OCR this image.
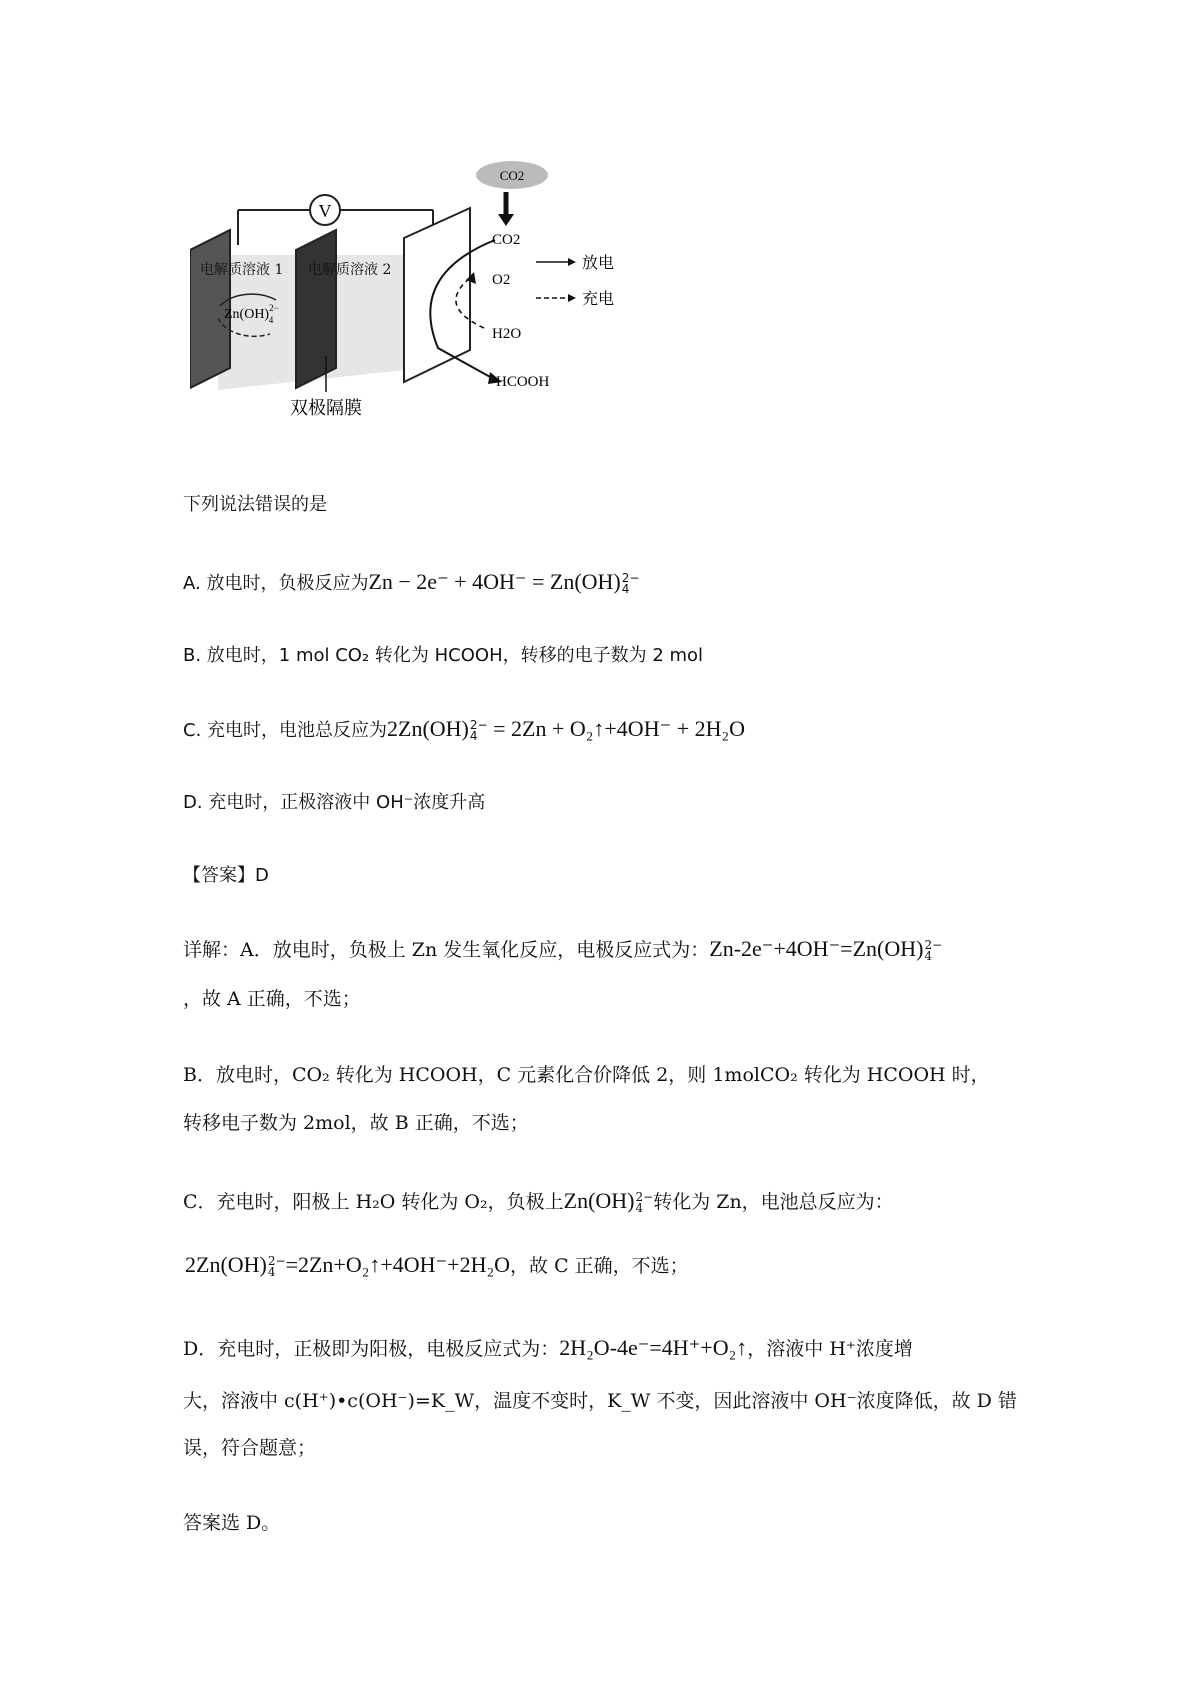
V
电解质溶液 1 电解质溶液 2
Zn(OH)$^{2-}$ 4
CO2
CO2
O2
H2O
HCOOH
放电
充电
双极隔膜
下列说法错误的是
A. 放电时，负极反应为Zn − 2e⁻ + 4OH⁻ = Zn(OH) 2−
4
B. 放电时，1 mol CO₂ 转化为 HCOOH，转移的电子数为 2 mol
C. 充电时，电池总反应为2Zn(OH) 2−
4 = 2Zn + O₂↑+4OH⁻ + 2H₂O
D. 充电时，正极溶液中 OH⁻浓度升高
【答案】D
详解：A．放电时，负极上 Zn 发生氧化反应，电极反应式为：Zn-2e⁻+4OH⁻=Zn(OH) 2−
4
，故 A 正确，不选；
B．放电时，CO₂ 转化为 HCOOH，C 元素化合价降低 2，则 1molCO₂ 转化为 HCOOH 时，
转移电子数为 2mol，故 B 正确，不选；
C．充电时，阳极上 H₂O 转化为 O₂，负极上Zn(OH) 2−
4 转化为 Zn，电池总反应为：
2Zn(OH) 2−
4 =2Zn+O₂↑+4OH⁻+2H₂O，故 C 正确，不选；
D．充电时，正极即为阳极，电极反应式为：2H₂O-4e⁻=4H⁺+O₂↑，溶液中 H⁺浓度增
大，溶液中 c(H⁺)•c(OH⁻)=K_W，温度不变时，K_W 不变，因此溶液中 OH⁻浓度降低，故 D 错
误，符合题意；
答案选 D。
